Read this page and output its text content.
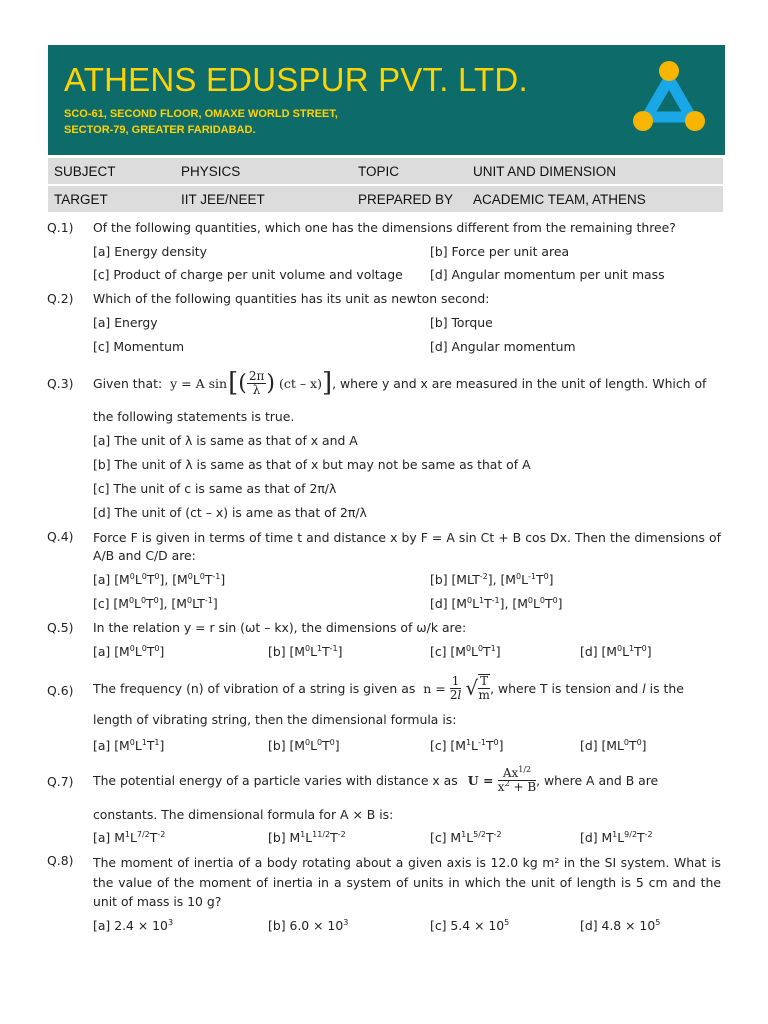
ATHENS EDUSPUR PVT. LTD.
SCO-61, SECOND FLOOR, OMAXE WORLD STREET,
SECTOR-79, GREATER FARIDABAD.
SUBJECT	PHYSICS	TOPIC	UNIT AND DIMENSION
TARGET	IIT JEE/NEET	PREPARED BY	ACADEMIC TEAM, ATHENS
Q.1) Of the following quantities, which one has the dimensions different from the remaining three?
[a] Energy density	[b] Force per unit area
[c] Product of charge per unit volume and voltage [d] Angular momentum per unit mass
Q.2) Which of the following quantities has its unit as newton second:
[a] Energy	[b] Torque
[c] Momentum	[d] Angular momentum
Q.3) Given that: y = A sin [ ( $\frac{2\pi}{\lambda}$ ) (ct – x) ] , where y and x are measured in the unit of length. Which of
the following statements is true.
[a] The unit of λ is same as that of x and A
[b] The unit of λ is same as that of x but may not be same as that of A
[c] The unit of c is same as that of 2π/λ
[d] The unit of (ct – x) is ame as that of 2π/λ
Q.4) Force F is given in terms of time t and distance x by F = A sin Ct + B cos Dx. Then the dimensions of A/B and C/D are:
[a] $[M^0L^0T^0]$, $[M^0L^0T^{-1}]$	[b] $[MLT^{-2}]$, $[M^0L^{-1}T^0]$
[c] $[M^0L^0T^0]$, $[M^0LT^{-1}]$	[d] $[M^0L^1T^{-1}]$, $[M^0L^0T^0]$
Q.5) In the relation y = r sin (ωt – kx), the dimensions of ω/k are:
[a] $[M^0L^0T^0]$	[b] $[M^0L^1T^{-1}]$	[c] $[M^0L^0T^1]$	[d] $[M^0L^1T^0]$
Q.6) The frequency (n) of vibration of a string is given as $n = \frac{1}{2l}$
√ $\frac{T}{m}$ , where T is tension and
l
is the
length of vibrating string, then the dimensional formula is:
[a] $[M^0L^1T^1]$	[b] $[M^0L^0T^0]$	[c] $[M^1L^{-1}T^0]$	[d] $[ML^0T^0]$
Q.7) The potential energy of a particle varies with distance x as $U = \frac{Ax^{1/2}}{x^2 + B}$ , where A and B are
constants. The dimensional formula for A × B is:
[a] $M^1L^{7/2}T^{-2}$	[b] $M^1L^{11/2}T^{-2}$	[c] $M^1L^{5/2}T^{-2}$	[d] $M^1L^{9/2}T^{-2}$
Q.8) The moment of inertia of a body rotating about a given axis is 12.0 kg m² in the SI system. What is the value of the moment of inertia in a system of units in which the unit of length is 5 cm and the unit of mass is 10 g?
[a] $2.4 \times 10^3$	[b] $6.0 \times 10^3$	[c] $5.4 \times 10^5$	[d] $4.8 \times 10^5$
